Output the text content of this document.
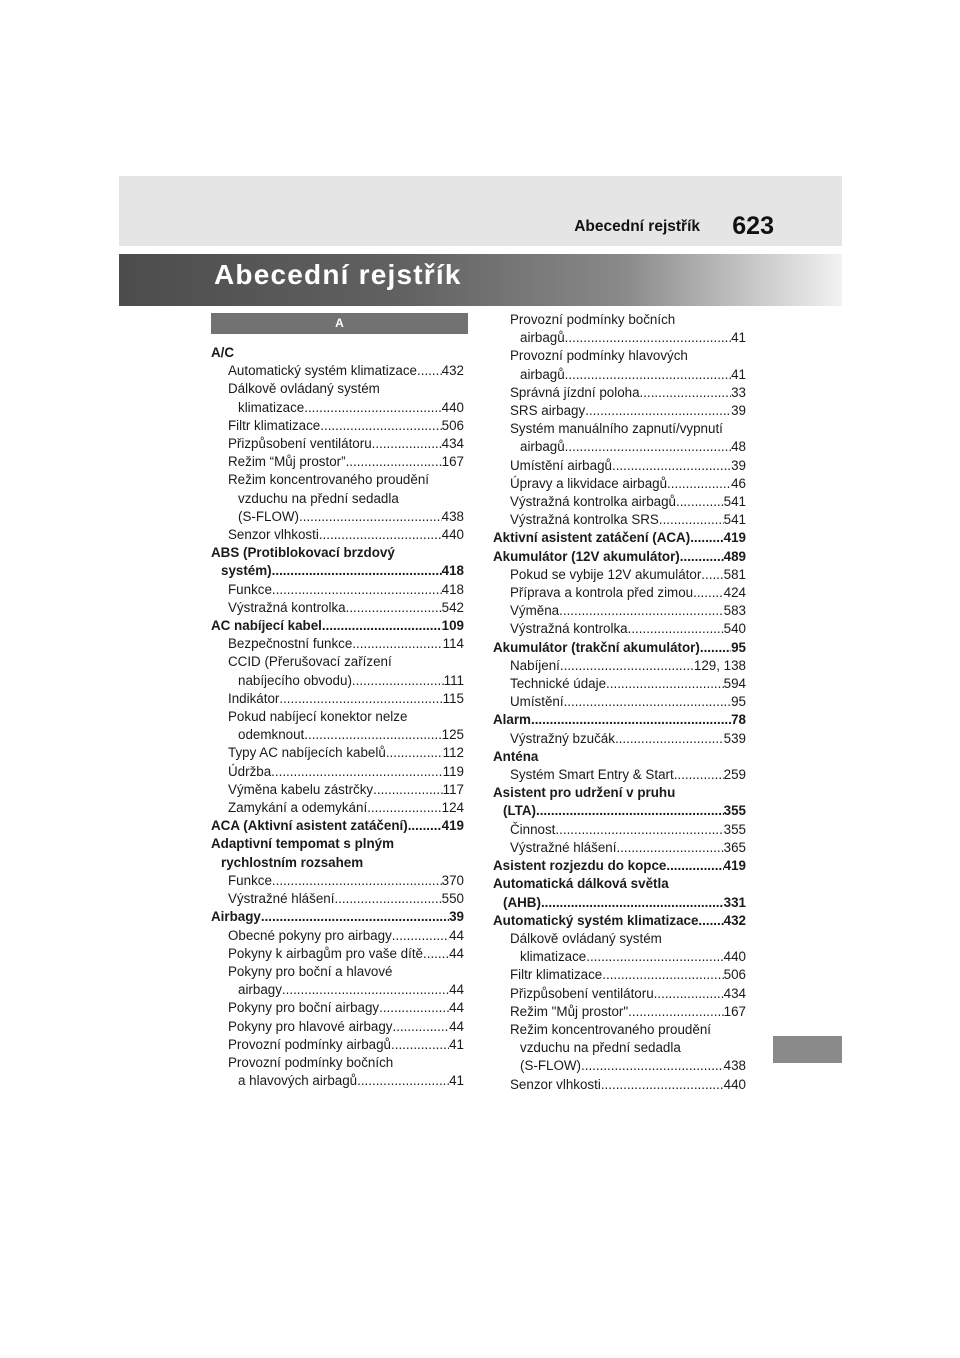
Abecední rejstřík 623
Abecední rejstřík
A
A/C
Automatický systém klimatizace ..... 432
Dálkově ovládaný systém
klimatizace .....	440
Filtr klimatizace .....	506
Přizpůsobení ventilátoru .....	434
Režim “Můj prostor” .....	167
Režim koncentrovaného proudění
vzduchu na přední sedadla
(S-FLOW) .....	438
Senzor vlhkosti .....	440
ABS (Protiblokovací brzdový
systém) .....	418
Funkce .....	418
Výstražná kontrolka .....	542
AC nabíjecí kabel .....	109
Bezpečnostní funkce .....	114
CCID (Přerušovací zařízení
nabíjecího obvodu) .....	111
Indikátor .....	115
Pokud nabíjecí konektor nelze
odemknout .....	125
Typy AC nabíjecích kabelů .....	112
Údržba .....	119
Výměna kabelu zástrčky .....	117
Zamykání a odemykání .....	124
ACA (Aktivní asistent zatáčení) .....	419
Adaptivní tempomat s plným
rychlostním rozsahem
Funkce .....	370
Výstražné hlášení .....	550
Airbagy .....	39
Obecné pokyny pro airbagy .....	44
Pokyny k airbagům pro vaše dítě ..... 44
Pokyny pro boční a hlavové
airbagy .....	44
Pokyny pro boční airbagy .....	44
Pokyny pro hlavové airbagy .....	44
Provozní podmínky airbagů .....	41
Provozní podmínky bočních
a hlavových airbagů .....	41
Provozní podmínky bočních
airbagů .....	41
Provozní podmínky hlavových
airbagů .....	41
Správná jízdní poloha .....	33
SRS airbagy .....	39
Systém manuálního zapnutí/vypnutí
airbagů .....	48
Umístění airbagů .....	39
Úpravy a likvidace airbagů .....	46
Výstražná kontrolka airbagů .....	541
Výstražná kontrolka SRS .....	541
Aktivní asistent zatáčení (ACA) ..... 419
Akumulátor (12V akumulátor) .....	489
Pokud se vybije 12V akumulátor ..... 581
Příprava a kontrola před zimou ..... 424
Výměna .....	583
Výstražná kontrolka .....	540
Akumulátor (trakční akumulátor) ..... 95
Nabíjení .....	129, 138
Technické údaje .....	594
Umístění .....	95
Alarm .....	78
Výstražný bzučák .....	539
Anténa
Systém Smart Entry & Start .....	259
Asistent pro udržení v pruhu
(LTA) .....	355
Činnost .....	355
Výstražné hlášení .....	365
Asistent rozjezdu do kopce .....	419
Automatická dálková světla
(AHB) .....	331
Automatický systém klimatizace ..... 432
Dálkově ovládaný systém
klimatizace .....	440
Filtr klimatizace .....	506
Přizpůsobení ventilátoru .....	434
Režim "Můj prostor" .....	167
Režim koncentrovaného proudění
vzduchu na přední sedadla
(S-FLOW) .....	438
Senzor vlhkosti .....	440
